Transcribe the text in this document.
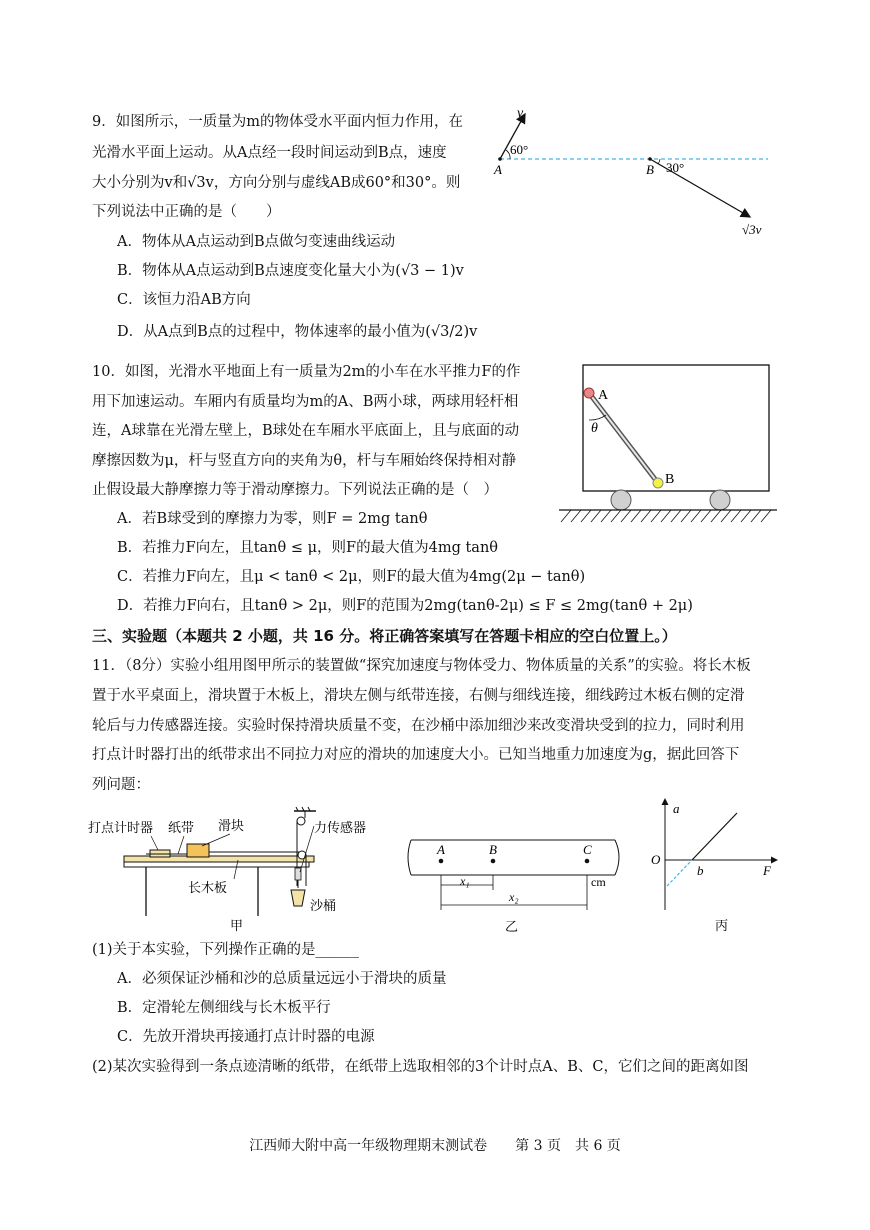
9．如图所示，一质量为m的物体受水平面内恒力作用，在
光滑水平面上运动。从A点经一段时间运动到B点，速度
大小分别为v和√3v，方向分别与虚线AB成60°和30°。则
下列说法中正确的是（　　）
A．物体从A点运动到B点做匀变速曲线运动
B．物体从A点运动到B点速度变化量大小为(√3 − 1)v
C．该恒力沿AB方向
D．从A点到B点的过程中，物体速率的最小值为(√3/2)v
v
60°
A	B 30°
√3v
10．如图，光滑水平地面上有一质量为2m的小车在水平推力F的作
用下加速运动。车厢内有质量均为m的A、B两小球，两球用轻杆相
连，A球靠在光滑左壁上，B球处在车厢水平底面上，且与底面的动
摩擦因数为μ，杆与竖直方向的夹角为θ，杆与车厢始终保持相对静
止假设最大静摩擦力等于滑动摩擦力。下列说法正确的是（　）
A．若B球受到的摩擦力为零，则F = 2mg tanθ
B．若推力F向左，且tanθ ≤ μ，则F的最大值为4mg tanθ
C．若推力F向左，且μ < tanθ < 2μ，则F的最大值为4mg(2μ − tanθ)
D．若推力F向右，且tanθ > 2μ，则F的范围为2mg(tanθ-2μ) ≤ F ≤ 2mg(tanθ + 2μ)
A
B
θ
三、实验题（本题共 2 小题，共 16 分。将正确答案填写在答题卡相应的空白位置上。）
11．（8分）实验小组用图甲所示的装置做“探究加速度与物体受力、物体质量的关系”的实验。将长木板
置于水平桌面上，滑块置于木板上，滑块左侧与纸带连接，右侧与细线连接，细线跨过木板右侧的定滑
轮后与力传感器连接。实验时保持滑块质量不变，在沙桶中添加细沙来改变滑块受到的拉力，同时利用
打点计时器打出的纸带求出不同拉力对应的滑块的加速度大小。已知当地重力加速度为g，据此回答下
列问题：
打点计时器 纸带 滑块	力传感器
长木板
沙桶
甲
A	B	C
x₁
x₂
cm
乙
a
O
b	F
丙
(1)关于本实验，下列操作正确的是______
A．必须保证沙桶和沙的总质量远远小于滑块的质量
B．定滑轮左侧细线与长木板平行
C．先放开滑块再接通打点计时器的电源
(2)某次实验得到一条点迹清晰的纸带，在纸带上选取相邻的3个计时点A、B、C，它们之间的距离如图
江西师大附中高一年级物理期末测试卷　　第 3 页　共 6 页
